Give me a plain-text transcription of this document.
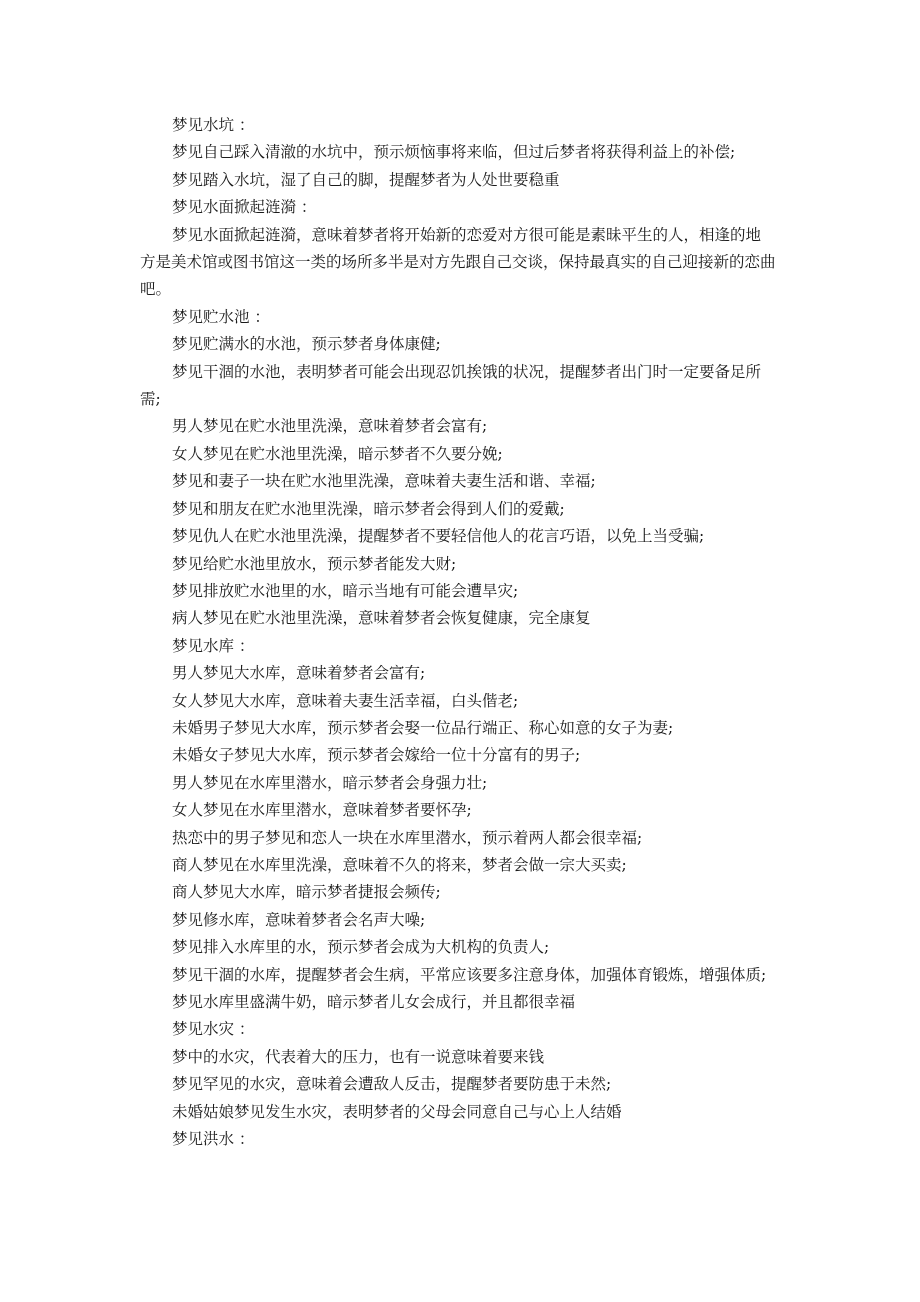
梦见水坑 ：

梦见自己踩入清澈的水坑中，预示烦恼事将来临，但过后梦者将获得利益上的补偿;

梦见踏入水坑，湿了自己的脚，提醒梦者为人处世要稳重

梦见水面掀起涟漪 ：

梦见水面掀起涟漪，意味着梦者将开始新的恋爱对方很可能是素昧平生的人，相逢的地方是美术馆或图书馆这一类的场所多半是对方先跟自己交谈，保持最真实的自己迎接新的恋曲吧。

梦见贮水池 ：

梦见贮满水的水池，预示梦者身体康健;

梦见干涸的水池，表明梦者可能会出现忍饥挨饿的状况，提醒梦者出门时一定要备足所需;

男人梦见在贮水池里洗澡，意味着梦者会富有;

女人梦见在贮水池里洗澡，暗示梦者不久要分娩;

梦见和妻子一块在贮水池里洗澡，意味着夫妻生活和谐、幸福;

梦见和朋友在贮水池里洗澡，暗示梦者会得到人们的爱戴;

梦见仇人在贮水池里洗澡，提醒梦者不要轻信他人的花言巧语，以免上当受骗;

梦见给贮水池里放水，预示梦者能发大财;

梦见排放贮水池里的水，暗示当地有可能会遭旱灾;

病人梦见在贮水池里洗澡，意味着梦者会恢复健康，完全康复

梦见水库 ：

男人梦见大水库，意味着梦者会富有;

女人梦见大水库，意味着夫妻生活幸福，白头偕老;

未婚男子梦见大水库，预示梦者会娶一位品行端正、称心如意的女子为妻;

未婚女子梦见大水库，预示梦者会嫁给一位十分富有的男子;

男人梦见在水库里潜水，暗示梦者会身强力壮;

女人梦见在水库里潜水，意味着梦者要怀孕;

热恋中的男子梦见和恋人一块在水库里潜水，预示着两人都会很幸福;

商人梦见在水库里洗澡，意味着不久的将来，梦者会做一宗大买卖;

商人梦见大水库，暗示梦者捷报会频传;

梦见修水库，意味着梦者会名声大噪;

梦见排入水库里的水，预示梦者会成为大机构的负责人;

梦见干涸的水库，提醒梦者会生病，平常应该要多注意身体，加强体育锻炼，增强体质;

梦见水库里盛满牛奶，暗示梦者儿女会成行，并且都很幸福

梦见水灾 ：

梦中的水灾，代表着大的压力，也有一说意味着要来钱

梦见罕见的水灾，意味着会遭敌人反击，提醒梦者要防患于未然;

未婚姑娘梦见发生水灾，表明梦者的父母会同意自己与心上人结婚

梦见洪水 ：
